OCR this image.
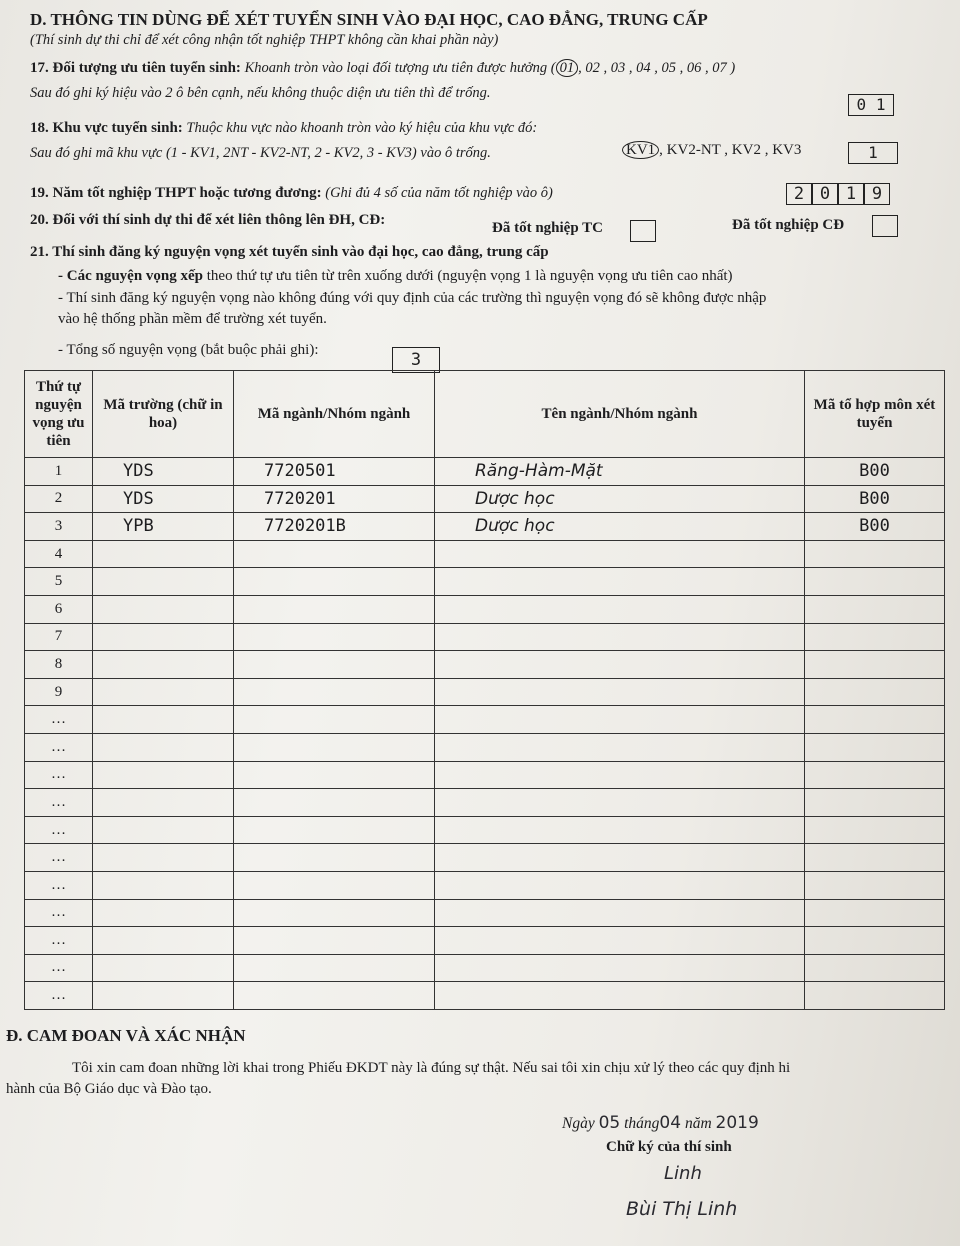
D. THÔNG TIN DÙNG ĐỂ XÉT TUYỂN SINH VÀO ĐẠI HỌC, CAO ĐẲNG, TRUNG CẤP
(Thí sinh dự thi chỉ để xét công nhận tốt nghiệp THPT không cần khai phần này)
17. Đối tượng ưu tiên tuyển sinh: Khoanh tròn vào loại đối tượng ưu tiên được hưởng ( 01 , 02 , 03 , 04 , 05 , 06 , 07 )
Sau đó ghi ký hiệu vào 2 ô bên cạnh, nếu không thuộc diện ưu tiên thì để trống.
0 1
18. Khu vực tuyển sinh: Thuộc khu vực nào khoanh tròn vào ký hiệu của khu vực đó:
KV1 , KV2-NT , KV2 , KV3
Sau đó ghi mã khu vực (1 - KV1, 2NT - KV2-NT, 2 - KV2, 3 - KV3) vào ô trống.	1
19. Năm tốt nghiệp THPT hoặc tương đương: (Ghi đủ 4 số của năm tốt nghiệp vào ô)	2 0 1 9
20. Đối với thí sinh dự thi để xét liên thông lên ĐH, CĐ:	Đã tốt nghiệp TC	Đã tốt nghiệp CĐ
21. Thí sinh đăng ký nguyện vọng xét tuyển sinh vào đại học, cao đẳng, trung cấp
- Các nguyện vọng xếp theo thứ tự ưu tiên từ trên xuống dưới (nguyện vọng 1 là nguyện vọng ưu tiên cao nhất)
- Thí sinh đăng ký nguyện vọng nào không đúng với quy định của các trường thì nguyện vọng đó sẽ không được nhập
vào hệ thống phần mềm để trường xét tuyển.
- Tổng số nguyện vọng (bắt buộc phải ghi):	3
Thứ tự nguyện vọng ưu tiên	Mã trường (chữ in hoa)	Mã ngành/Nhóm ngành	Tên ngành/Nhóm ngành	Mã tổ hợp môn xét tuyển
1	YDS	7720501	Răng-Hàm-Mặt	B00
2	YDS	7720201	Dược học	B00
3	YPB	7720201B	Dược học	B00
4				
5				
6				
7				
8				
9				
…				
…				
…				
…				
…				
…				
…				
…				
…				
…				
…				
Đ. CAM ĐOAN VÀ XÁC NHẬN
Tôi xin cam đoan những lời khai trong Phiếu ĐKDT này là đúng sự thật. Nếu sai tôi xin chịu xử lý theo các quy định hi
hành của Bộ Giáo dục và Đào tạo.
Ngày 05 tháng04 năm 2019
Chữ ký của thí sinh
Linh
Bùi Thị Linh
